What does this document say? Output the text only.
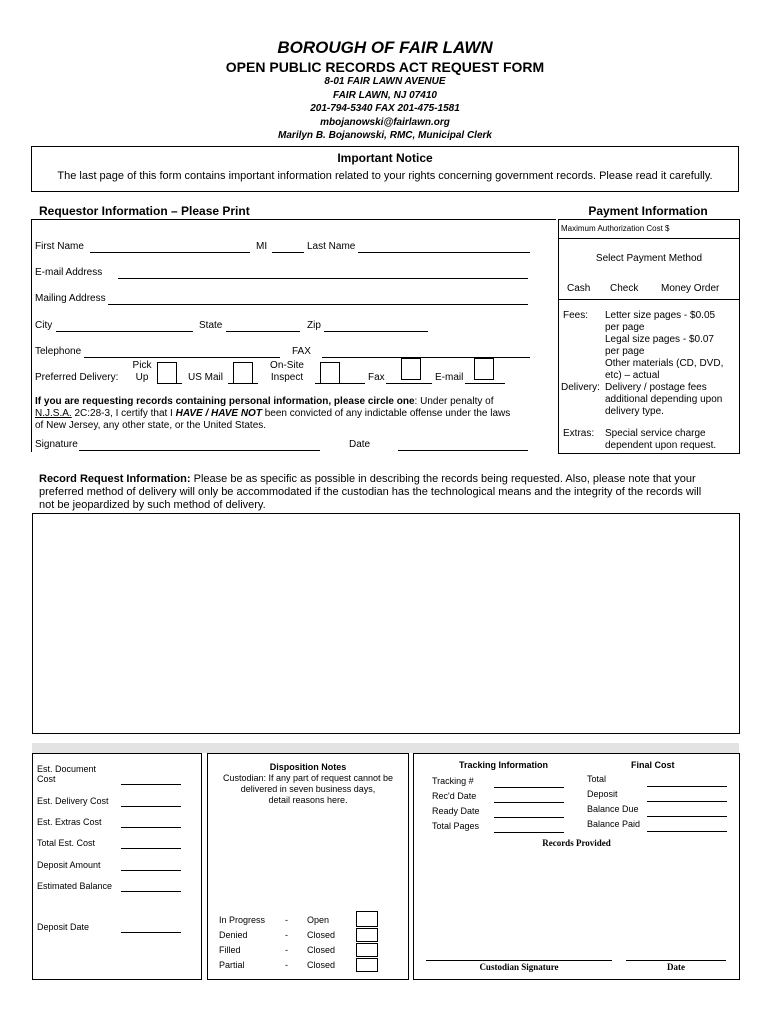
BOROUGH OF FAIR LAWN
OPEN PUBLIC RECORDS ACT REQUEST FORM
8-01 FAIR LAWN AVENUE
FAIR LAWN, NJ 07410
201-794-5340 FAX 201-475-1581
mbojanowski@fairlawn.org
Marilyn B. Bojanowski, RMC, Municipal Clerk
Important Notice
The last page of this form contains important information related to your rights concerning government records. Please read it carefully.
Requestor Information – Please Print
First Name	MI	Last Name
E-mail Address
Mailing Address
City	State	Zip
Telephone	FAX
Preferred Delivery:
Pick
Up	US Mail
On-Site
Inspect	Fax	E-mail
If you are requesting records containing personal information, please circle one: Under penalty of
N.J.S.A. 2C:28-3, I certify that I HAVE / HAVE NOT been convicted of any indictable offense under the laws
of New Jersey, any other state, or the United States.
Signature	Date
Payment Information
Maximum Authorization Cost $
Select Payment Method
Cash Check Money Order
Fees: Letter size pages - $0.05
per page
Legal size pages - $0.07
per page
Other materials (CD, DVD,
etc) – actual
Delivery: Delivery / postage fees
additional depending upon
delivery type.
Extras: Special service charge
dependent upon request.
Record Request Information: Please be as specific as possible in describing the records being requested. Also, please note that your
preferred method of delivery will only be accommodated if the custodian has the technological means and the integrity of the records will
not be jeopardized by such method of delivery.
Est. Document
Cost
Est. Delivery Cost
Est. Extras Cost
Total Est. Cost
Deposit Amount
Estimated Balance
Deposit Date
Disposition Notes
Custodian: If any part of request cannot be
delivered in seven business days,
detail reasons here.
In Progress - Open
Denied	- Closed
Filled	- Closed
Partial	- Closed
Tracking Information	Final Cost
Tracking #
Rec'd Date
Ready Date
Total Pages
Total
Deposit
Balance Due
Balance Paid
Records Provided
Custodian Signature	Date
